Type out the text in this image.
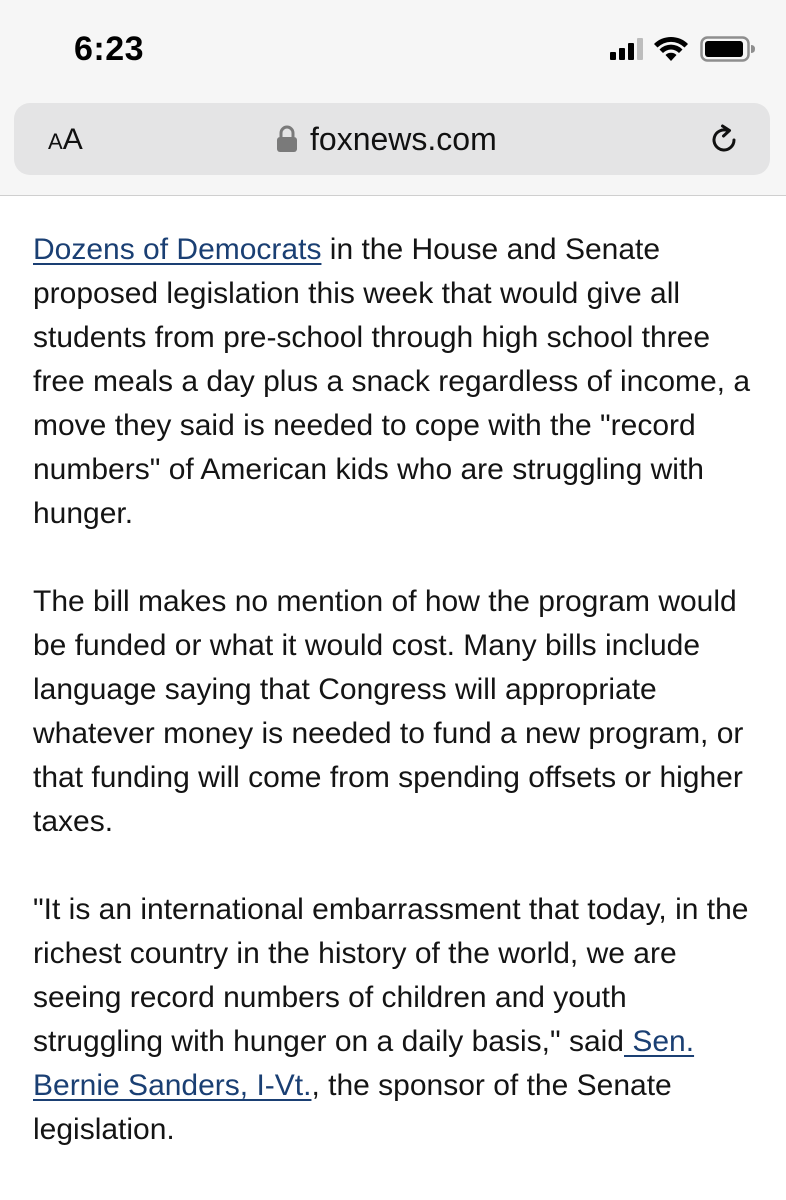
6:23
AA	foxnews.com

Dozens of Democrats in the House and Senate proposed legislation this week that would give all students from pre-school through high school three free meals a day plus a snack regardless of income, a move they said is needed to cope with the "record numbers" of American kids who are struggling with hunger.

The bill makes no mention of how the program would be funded or what it would cost. Many bills include language saying that Congress will appropriate whatever money is needed to fund a new program, or that funding will come from spending offsets or higher taxes.

"It is an international embarrassment that today, in the richest country in the history of the world, we are seeing record numbers of children and youth struggling with hunger on a daily basis," said Sen. Bernie Sanders, I-Vt., the sponsor of the Senate legislation.
